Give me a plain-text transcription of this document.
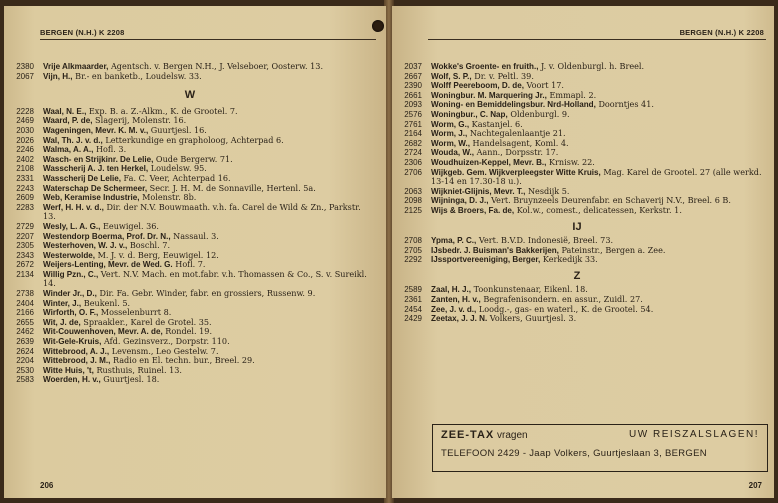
BERGEN (N.H.) K 2208
2380	Vrije Alkmaarder, Agentsch. v. Bergen N.H., J. Velseboer, Oosterw. 13.
2067	Vijn, H., Br.- en banketb., Loudelsw. 33.
W
2228	Waal, N. E., Exp. B. a. Z.-Alkm., K. de Grootel. 7.
2469	Waard, P. de, Slagerij, Molenstr. 16.
2030	Wageningen, Mevr. K. M. v., Guurtjesl. 16.
2026	Wal, Th. J. v. d., Letterkundige en grapholoog, Achterpad 6.
2246	Walma, A. A., Hofl. 3.
2402	Wasch- en Strijkinr. De Lelie, Oude Bergerw. 71.
2108	Wasscherij A. J. ten Herkel, Loudelsw. 95.
2331	Wasscherij De Lelie, Fa. C. Veer, Achterpad 16.
2243	Waterschap De Schermeer, Secr. J. H. M. de Sonnaville, Hertenl. 5a.
2609	Web, Keramise Industrie, Molenstr. 8b.
2283	Werf, H. H. v. d., Dir. der N.V. Bouwmaath. v.h. fa. Carel de Wild & Zn., Parkstr. 13.
2729	Wesly, L. A. G., Eeuwigel. 36.
2207	Westendorp Boerma, Prof. Dr. N., Nassaul. 3.
2305	Westerhoven, W. J. v., Boschl. 7.
2343	Westerwolde, M. J. v. d. Berg, Eeuwigel. 12.
2672	Weijers-Lenting, Mevr. de Wed. G. Hofl. 7.
2134	Willig Pzn., C., Vert. N.V. Mach. en mot.fabr. v.h. Thomassen & Co., S. v. Sureikl. 14.
2738	Winder Jr., D., Dir. Fa. Gebr. Winder, fabr. en grossiers, Russenw. 9.
2404	Winter, J., Beukenl. 5.
2166	Wirforth, O. F., Mosselenburrt 8.
2655	Wit, J. de, Spraakler., Karel de Grotel. 35.
2462	Wit-Couwenhoven, Mevr. A. de, Rondel. 19.
2639	Wit-Gele-Kruis, Afd. Gezinsverz., Dorpstr. 110.
2624	Wittebrood, A. J., Levensm., Leo Gestelw. 7.
2204	Wittebrood, J. M., Radio en El. techn. bur., Breel. 29.
2530	Witte Huis, 't, Rusthuis, Ruinel. 13.
2583	Woerden, H. v., Guurtjesl. 18.
206
BERGEN (N.H.) K 2208
2037	Wokke's Groente- en fruith., J. v. Oldenburgl. h. Breel.
2667	Wolf, S. P., Dr. v. Peltl. 39.
2390	Wolff Peereboom, D. de, Voort 17.
2661	Woningbur. M. Marquering Jr., Emmapl. 2.
2093	Woning- en Bemiddelingsbur. Nrd-Holland, Doorntjes 41.
2576	Woningbur., C. Nap, Oldenburgl. 9.
2761	Worm, G., Kastanjel. 6.
2164	Worm, J., Nachtegalenlaantje 21.
2682	Worm, W., Handelsagent, Koml. 4.
2724	Wouda, W., Aann., Dorpsstr. 17.
2306	Woudhuizen-Keppel, Mevr. B., Krnisw. 22.
2706	Wijkgeb. Gem. Wijkverpleegster Witte Kruis, Mag. Karel de Grootel. 27 (alle werkd. 13-14 en 17.30-18 u.).
2063	Wijkniet-Glijnis, Mevr. T., Nesdijk 5.
2098	Wijninga, D. J., Vert. Bruynzeels Deurenfabr. en Schaverij N.V., Breel. 6 B.
2125	Wijs & Broers, Fa. de, Kol.w., comest., delicatessen, Kerkstr. 1.
IJ
2708	Ypma, P. C., Vert. B.V.D. Indonesië, Breel. 73.
2705	IJsbedr. J. Buisman's Bakkerijen, Pateinstr., Bergen a. Zee.
2292	IJssportvereeniging, Berger, Kerkedijk 33.
Z
2589	Zaal, H. J., Toonkunstenaar, Eikenl. 18.
2361	Zanten, H. v., Begrafenisondern. en assur., Zuidl. 27.
2454	Zee, J. v. d., Loodg.-, gas- en waterl., K. de Grootel. 54.
2429	Zeetax, J. J. N. Volkers, Guurtjesl. 3.
ZEE-TAX vragen	UW REISZALSLAGEN!
TELEFOON 2429 - Jaap Volkers, Guurtjeslaan 3, BERGEN
207
